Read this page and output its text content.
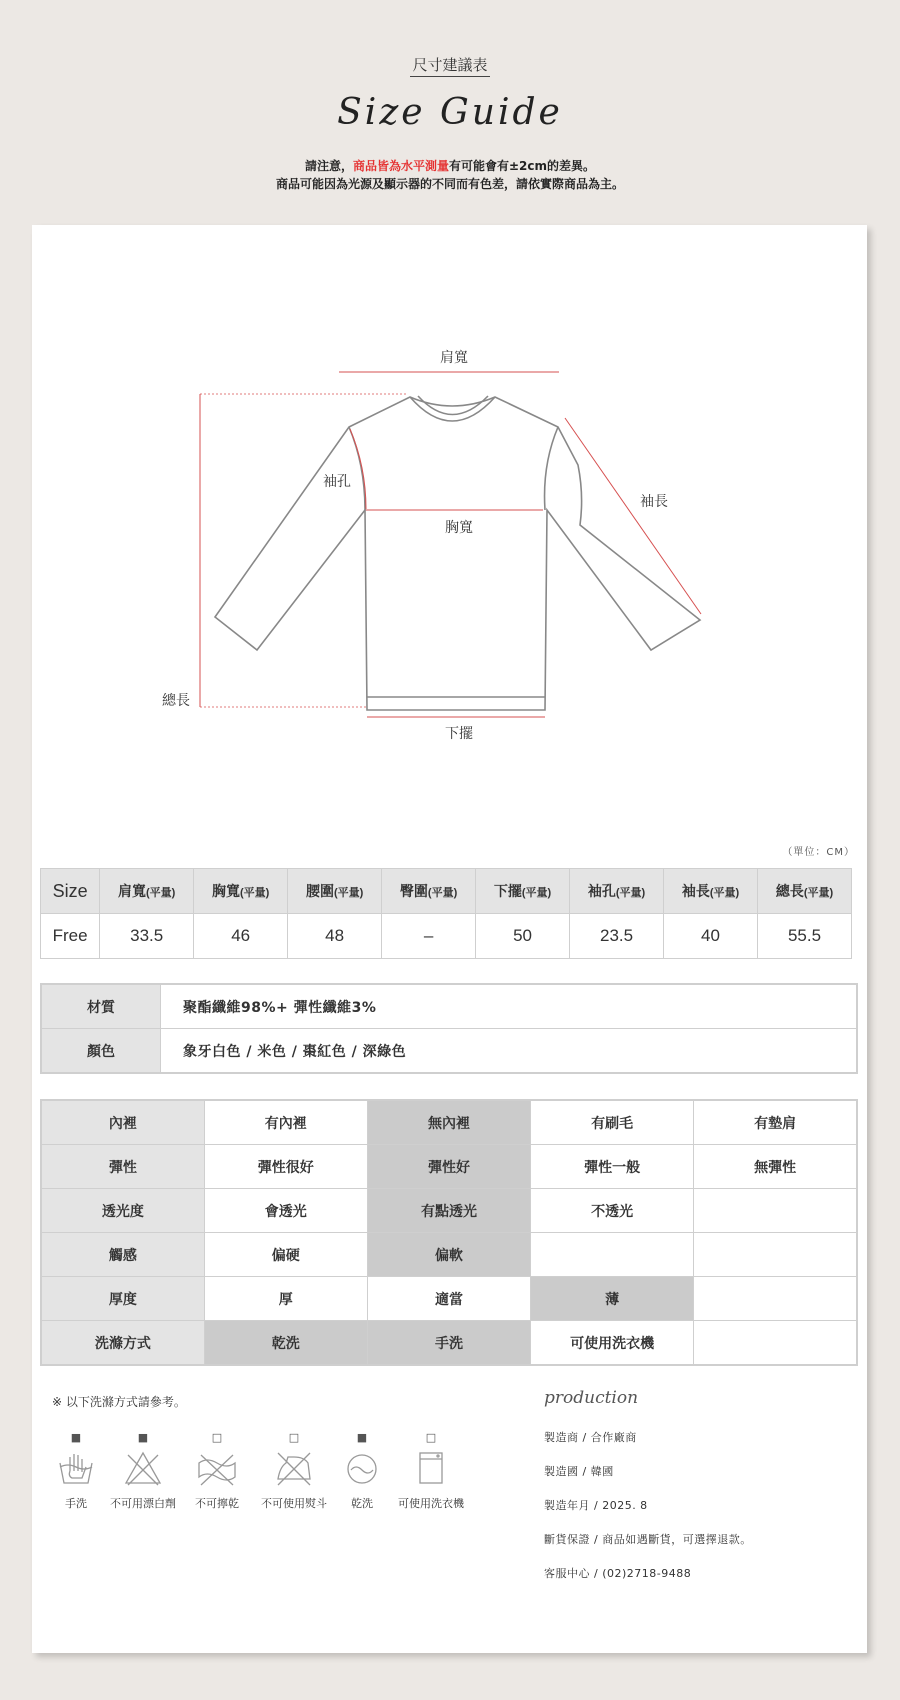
尺寸建議表
Size Guide
請注意，商品皆為水平測量有可能會有±2cm的差異。
商品可能因為光源及顯示器的不同而有色差，請依實際商品為主。
肩寬
袖孔
袖長
胸寬
總長
下擺
（單位：CM）
Size	肩寬(平量)	胸寬(平量)	腰圍(平量)	臀圍(平量)	下擺(平量)	袖孔(平量)	袖長(平量)	總長(平量)
Free	33.5	46	48	–	50	23.5	40	55.5
材質	聚酯纖維98%+ 彈性纖維3%
顏色	象牙白色 / 米色 / 棗紅色 / 深綠色
內裡	有內裡	無內裡	有刷毛	有墊肩
彈性	彈性很好	彈性好	彈性一般	無彈性
透光度	會透光	有點透光	不透光	
觸感	偏硬	偏軟		
厚度	厚	適當	薄	
洗滌方式	乾洗	手洗	可使用洗衣機	
※ 以下洗滌方式請參考。
■
手洗
■
不可用漂白劑
□
不可擰乾
□
不可使用熨斗
■
乾洗
□
可使用洗衣機
production
製造商 / 合作廠商
製造國 / 韓國
製造年月 / 2025. 8
斷貨保證 / 商品如遇斷貨，可選擇退款。
客服中心 / (02)2718-9488
